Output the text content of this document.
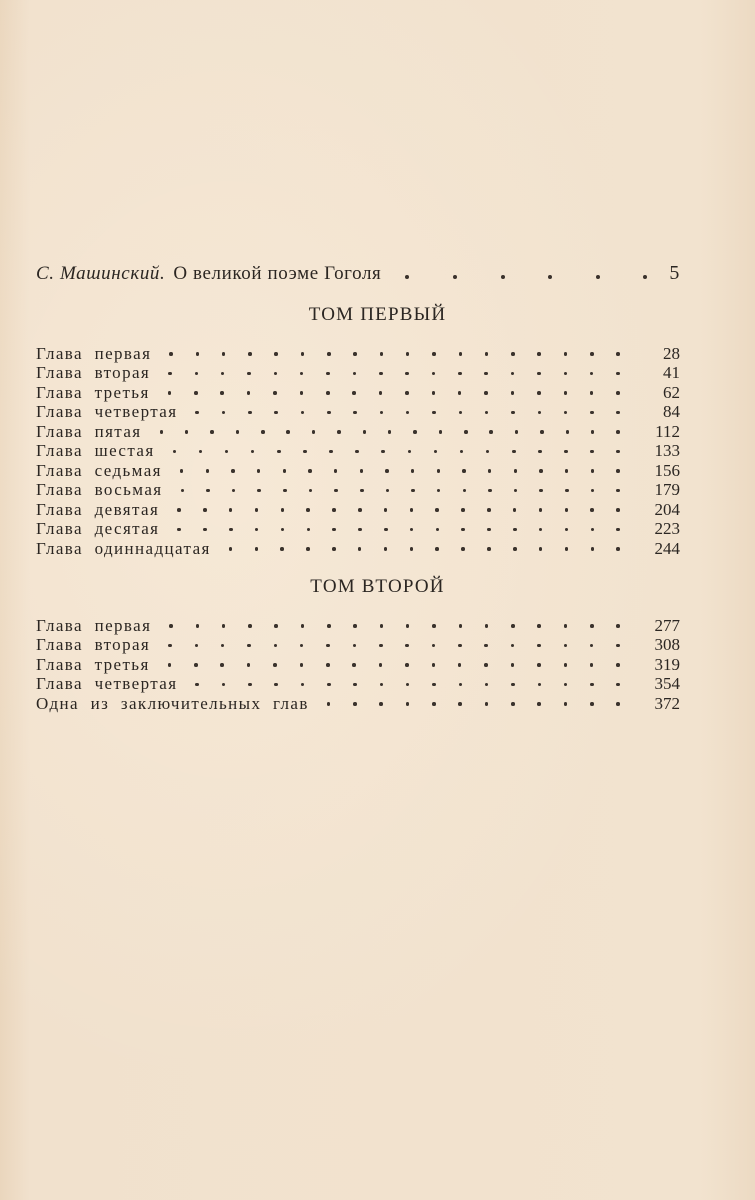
С. Машинский. О великой поэме Гоголя	5
ТОМ ПЕРВЫЙ
Глава первая	28
Глава вторая	41
Глава третья	62
Глава четвертая	84
Глава пятая	112
Глава шестая	133
Глава седьмая	156
Глава восьмая	179
Глава девятая	204
Глава десятая	223
Глава одиннадцатая	244
ТОМ ВТОРОЙ
Глава первая	277
Глава вторая	308
Глава третья	319
Глава четвертая	354
Одна из заключительных глав	372
